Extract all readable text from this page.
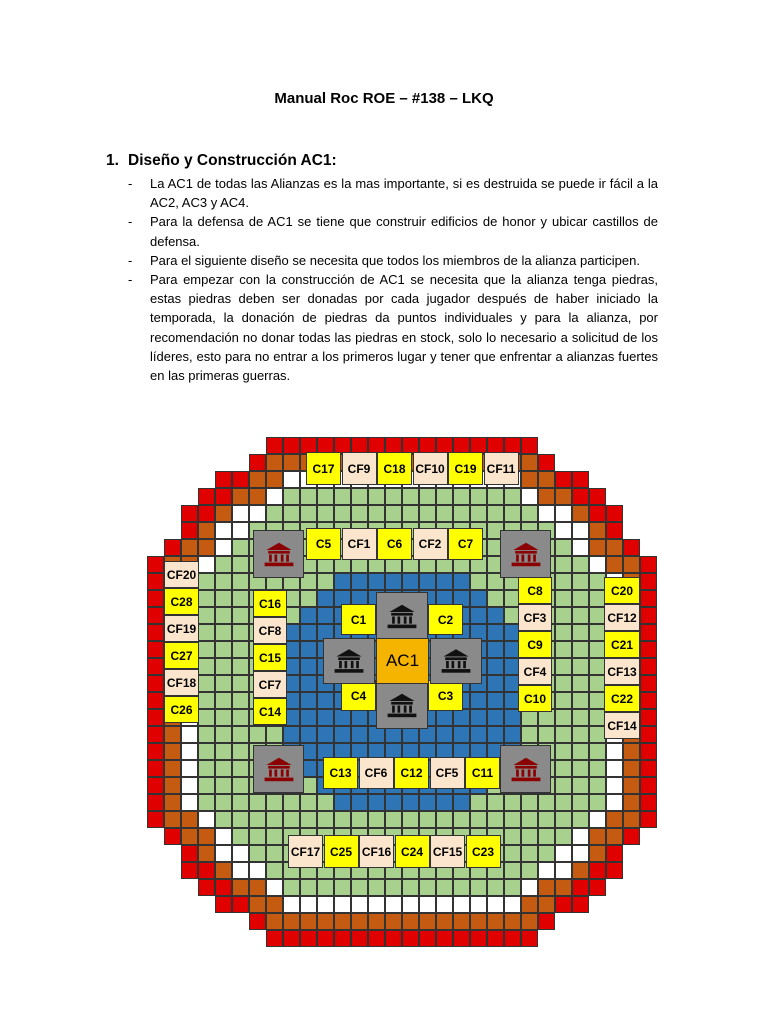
Manual Roc ROE – #138 – LKQ
1. Diseño y Construcción AC1:
- La AC1 de todas las Alianzas es la mas importante, si es destruida se puede ir fácil a la AC2, AC3 y AC4.
- Para la defensa de AC1 se tiene que construir edificios de honor y ubicar castillos de defensa.
- Para el siguiente diseño se necesita que todos los miembros de la alianza participen.
- Para empezar con la construcción de AC1 se necesita que la alianza tenga piedras, estas piedras deben ser donadas por cada jugador después de haber iniciado la temporada, la donación de piedras da puntos individuales y para la alianza, por recomendación no donar todas las piedras en stock, solo lo necesario a solicitud de los líderes, esto para no entrar a los primeros lugar y tener que enfrentar a alianzas fuertes en las primeras guerras.
C17	CF9	C18 CF10 C19 CF11
CF17 C25 CF16 C24 CF15 C23
C5	CF1	C6	CF2	C7
C13	CF6	C12	CF5	C11
CF20
C28
CF19
C27
CF18
C26
C16
CF8
C15
CF7
C14
C8
CF3
C9
CF4
C10
C20
CF12
C21
CF13
C22
CF14
C1	C2
C4	C3
AC1
